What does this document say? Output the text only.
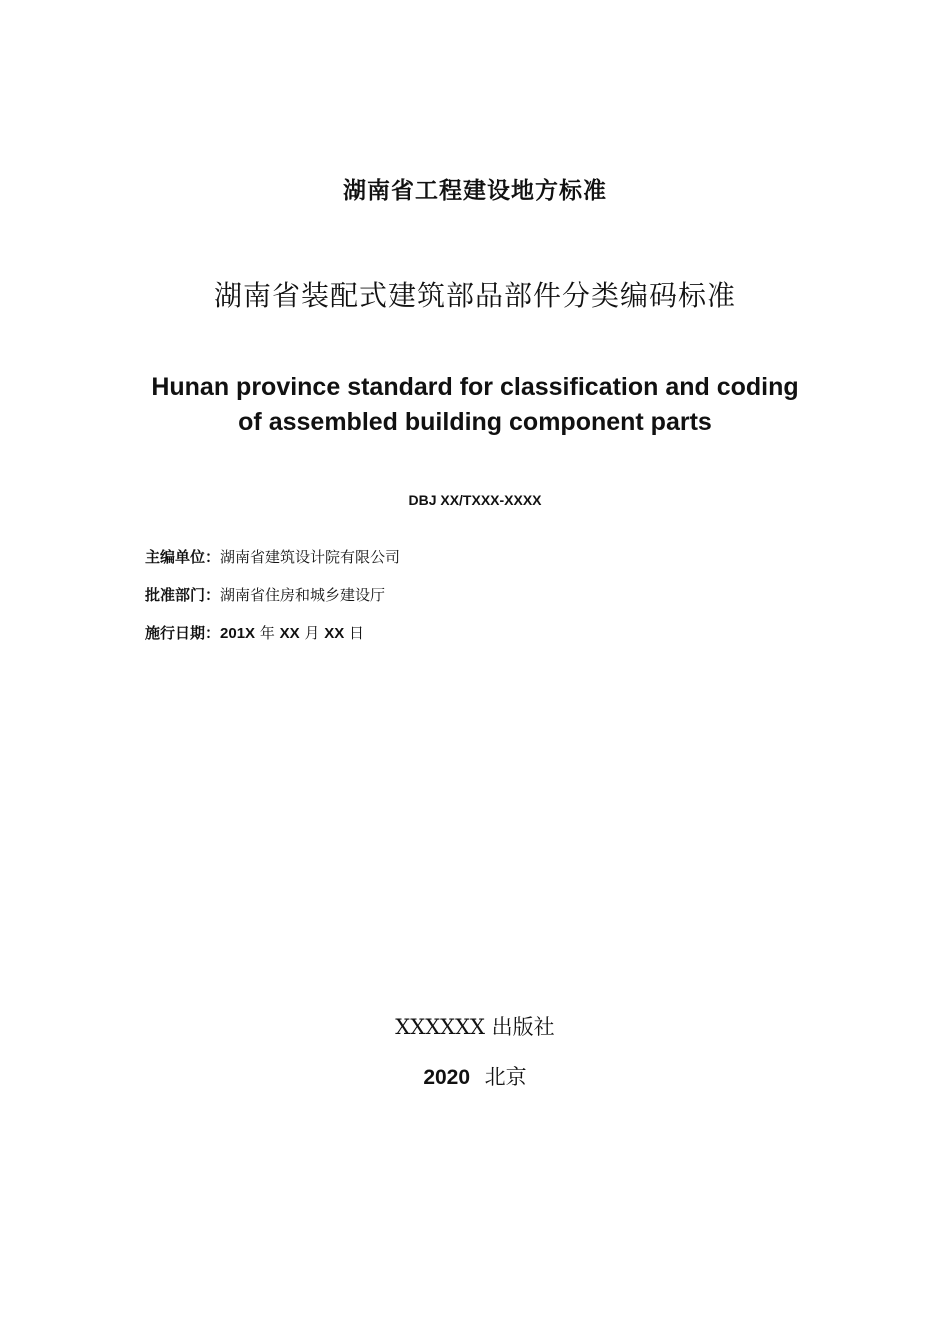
湖南省工程建设地方标准
湖南省装配式建筑部品部件分类编码标准
Hunan province standard for classification and coding
of assembled building component parts
DBJ XX/TXXX-XXXX
主编单位：湖南省建筑设计院有限公司
批准部门：湖南省住房和城乡建设厅
施行日期：201X 年 XX 月 XX 日
XXXXXX 出版社
2020 北京
